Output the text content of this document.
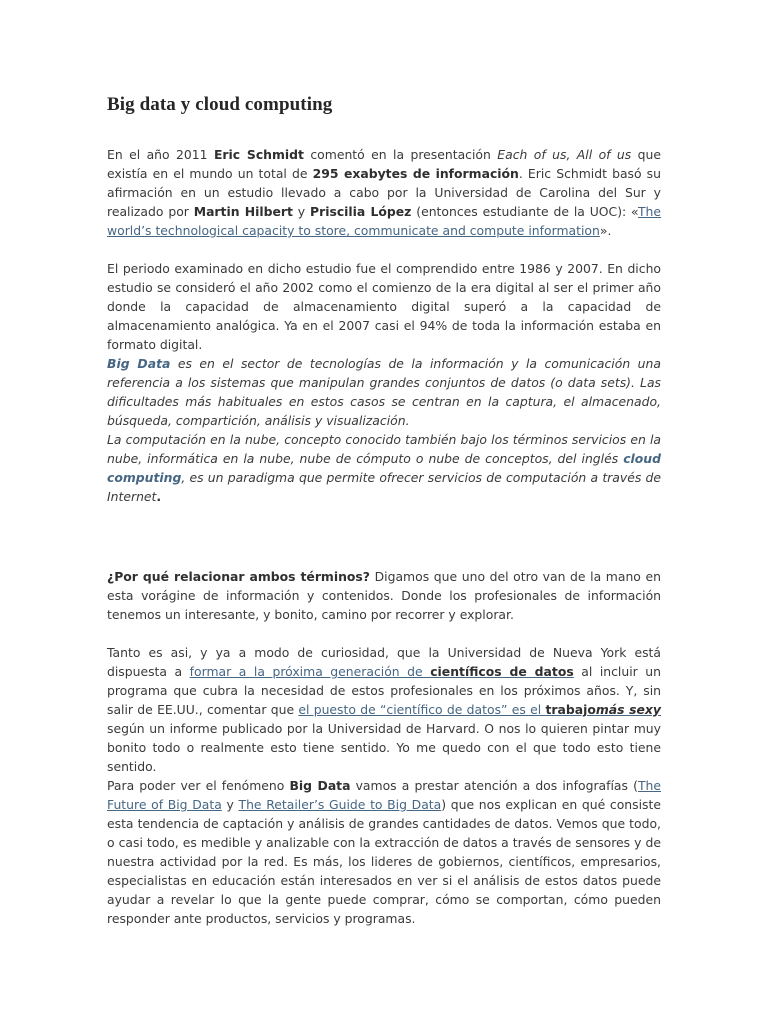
Big data y cloud computing

En el año 2011 Eric Schmidt comentó en la presentación Each of us, All of us que existía en el mundo un total de 295 exabytes de información. Eric Schmidt basó su afirmación en un estudio llevado a cabo por la Universidad de Carolina del Sur y realizado por Martin Hilbert y Priscilia López (entonces estudiante de la UOC): «The world’s technological capacity to store, communicate and compute information».

El periodo examinado en dicho estudio fue el comprendido entre 1986 y 2007. En dicho estudio se consideró el año 2002 como el comienzo de la era digital al ser el primer año donde la capacidad de almacenamiento digital superó a la capacidad de almacenamiento analógica. Ya en el 2007 casi el 94% de toda la información estaba en formato digital.

Big Data es en el sector de tecnologías de la información y la comunicación una referencia a los sistemas que manipulan grandes conjuntos de datos (o data sets). Las dificultades más habituales en estos casos se centran en la captura, el almacenado, búsqueda, compartición, análisis y visualización.
La computación en la nube, concepto conocido también bajo los términos servicios en la nube, informática en la nube, nube de cómputo o nube de conceptos, del inglés cloud computing, es un paradigma que permite ofrecer servicios de computación a través de Internet.

¿Por qué relacionar ambos términos? Digamos que uno del otro van de la mano en esta vorágine de información y contenidos. Donde los profesionales de información tenemos un interesante, y bonito, camino por recorrer y explorar.

Tanto es asi, y ya a modo de curiosidad, que la Universidad de Nueva York está dispuesta a formar a la próxima generación de científicos de datos al incluir un programa que cubra la necesidad de estos profesionales en los próximos años. Y, sin salir de EE.UU., comentar que el puesto de “científico de datos” es el trabajomás sexy según un informe publicado por la Universidad de Harvard. O nos lo quieren pintar muy bonito todo o realmente esto tiene sentido. Yo me quedo con el que todo esto tiene sentido.

Para poder ver el fenómeno Big Data vamos a prestar atención a dos infografías (The Future of Big Data y The Retailer’s Guide to Big Data) que nos explican en qué consiste esta tendencia de captación y análisis de grandes cantidades de datos. Vemos que todo, o casi todo, es medible y analizable con la extracción de datos a través de sensores y de nuestra actividad por la red. Es más, los lideres de gobiernos, científicos, empresarios, especialistas en educación están interesados en ver si el análisis de estos datos puede ayudar a revelar lo que la gente puede comprar, cómo se comportan, cómo pueden responder ante productos, servicios y programas.
